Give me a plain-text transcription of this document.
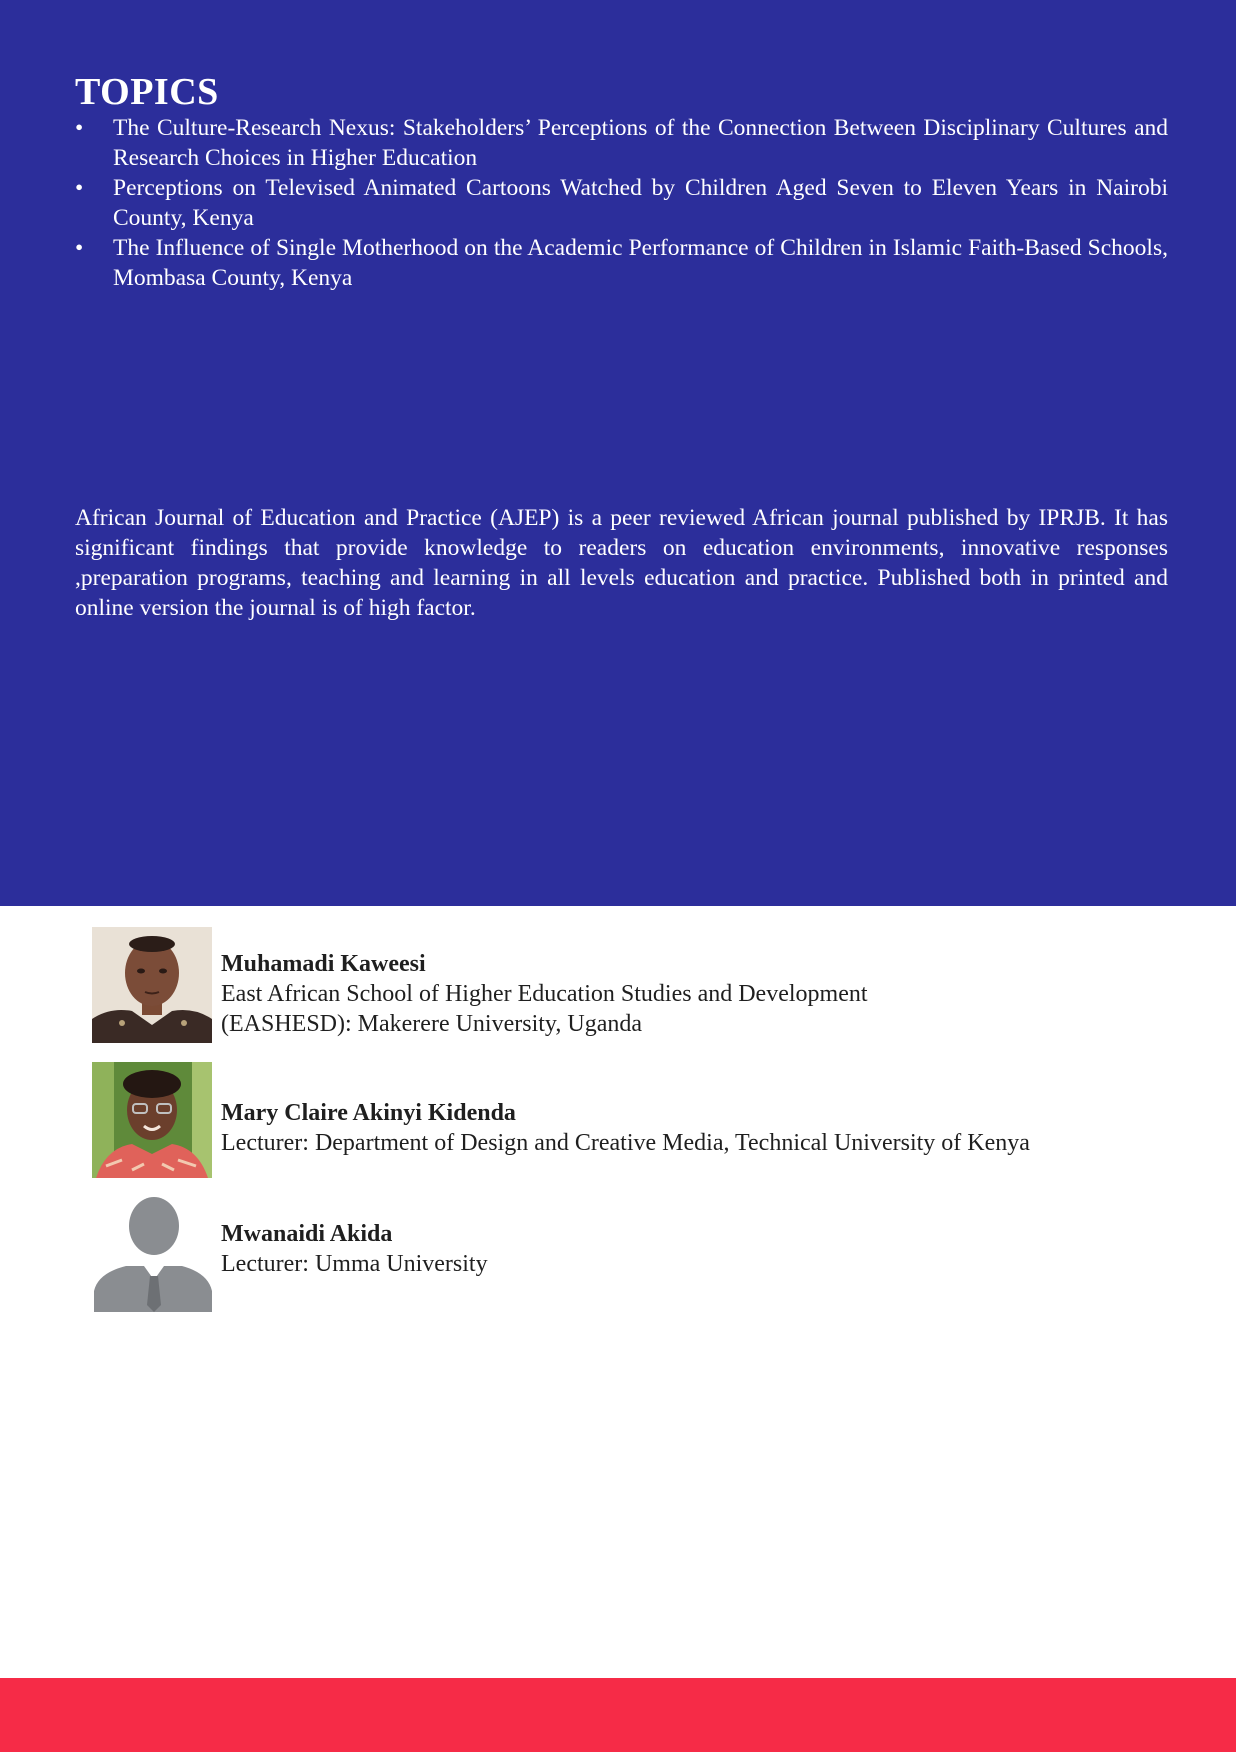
TOPICS
• The Culture-Research Nexus: Stakeholders’ Perceptions of the Connection Between Disciplinary Cultures and Research Choices in Higher Education
• Perceptions on Televised Animated Cartoons Watched by Children Aged Seven to Eleven Years in Nairobi County, Kenya
• The Influence of Single Motherhood on the Academic Performance of Children in Islamic Faith-Based Schools, Mombasa County, Kenya

African Journal of Education and Practice (AJEP) is a peer reviewed African journal published by IPRJB. It has significant findings that provide knowledge to readers on education environments, innovative responses ,preparation programs, teaching and learning in all levels education and practice. Published both in printed and online version the journal is of high factor.

Muhamadi Kaweesi
East African School of Higher Education Studies and Development
(EASHESD): Makerere University, Uganda
Mary Claire Akinyi Kidenda
Lecturer: Department of Design and Creative Media, Technical University of Kenya
Mwanaidi Akida
Lecturer: Umma University
